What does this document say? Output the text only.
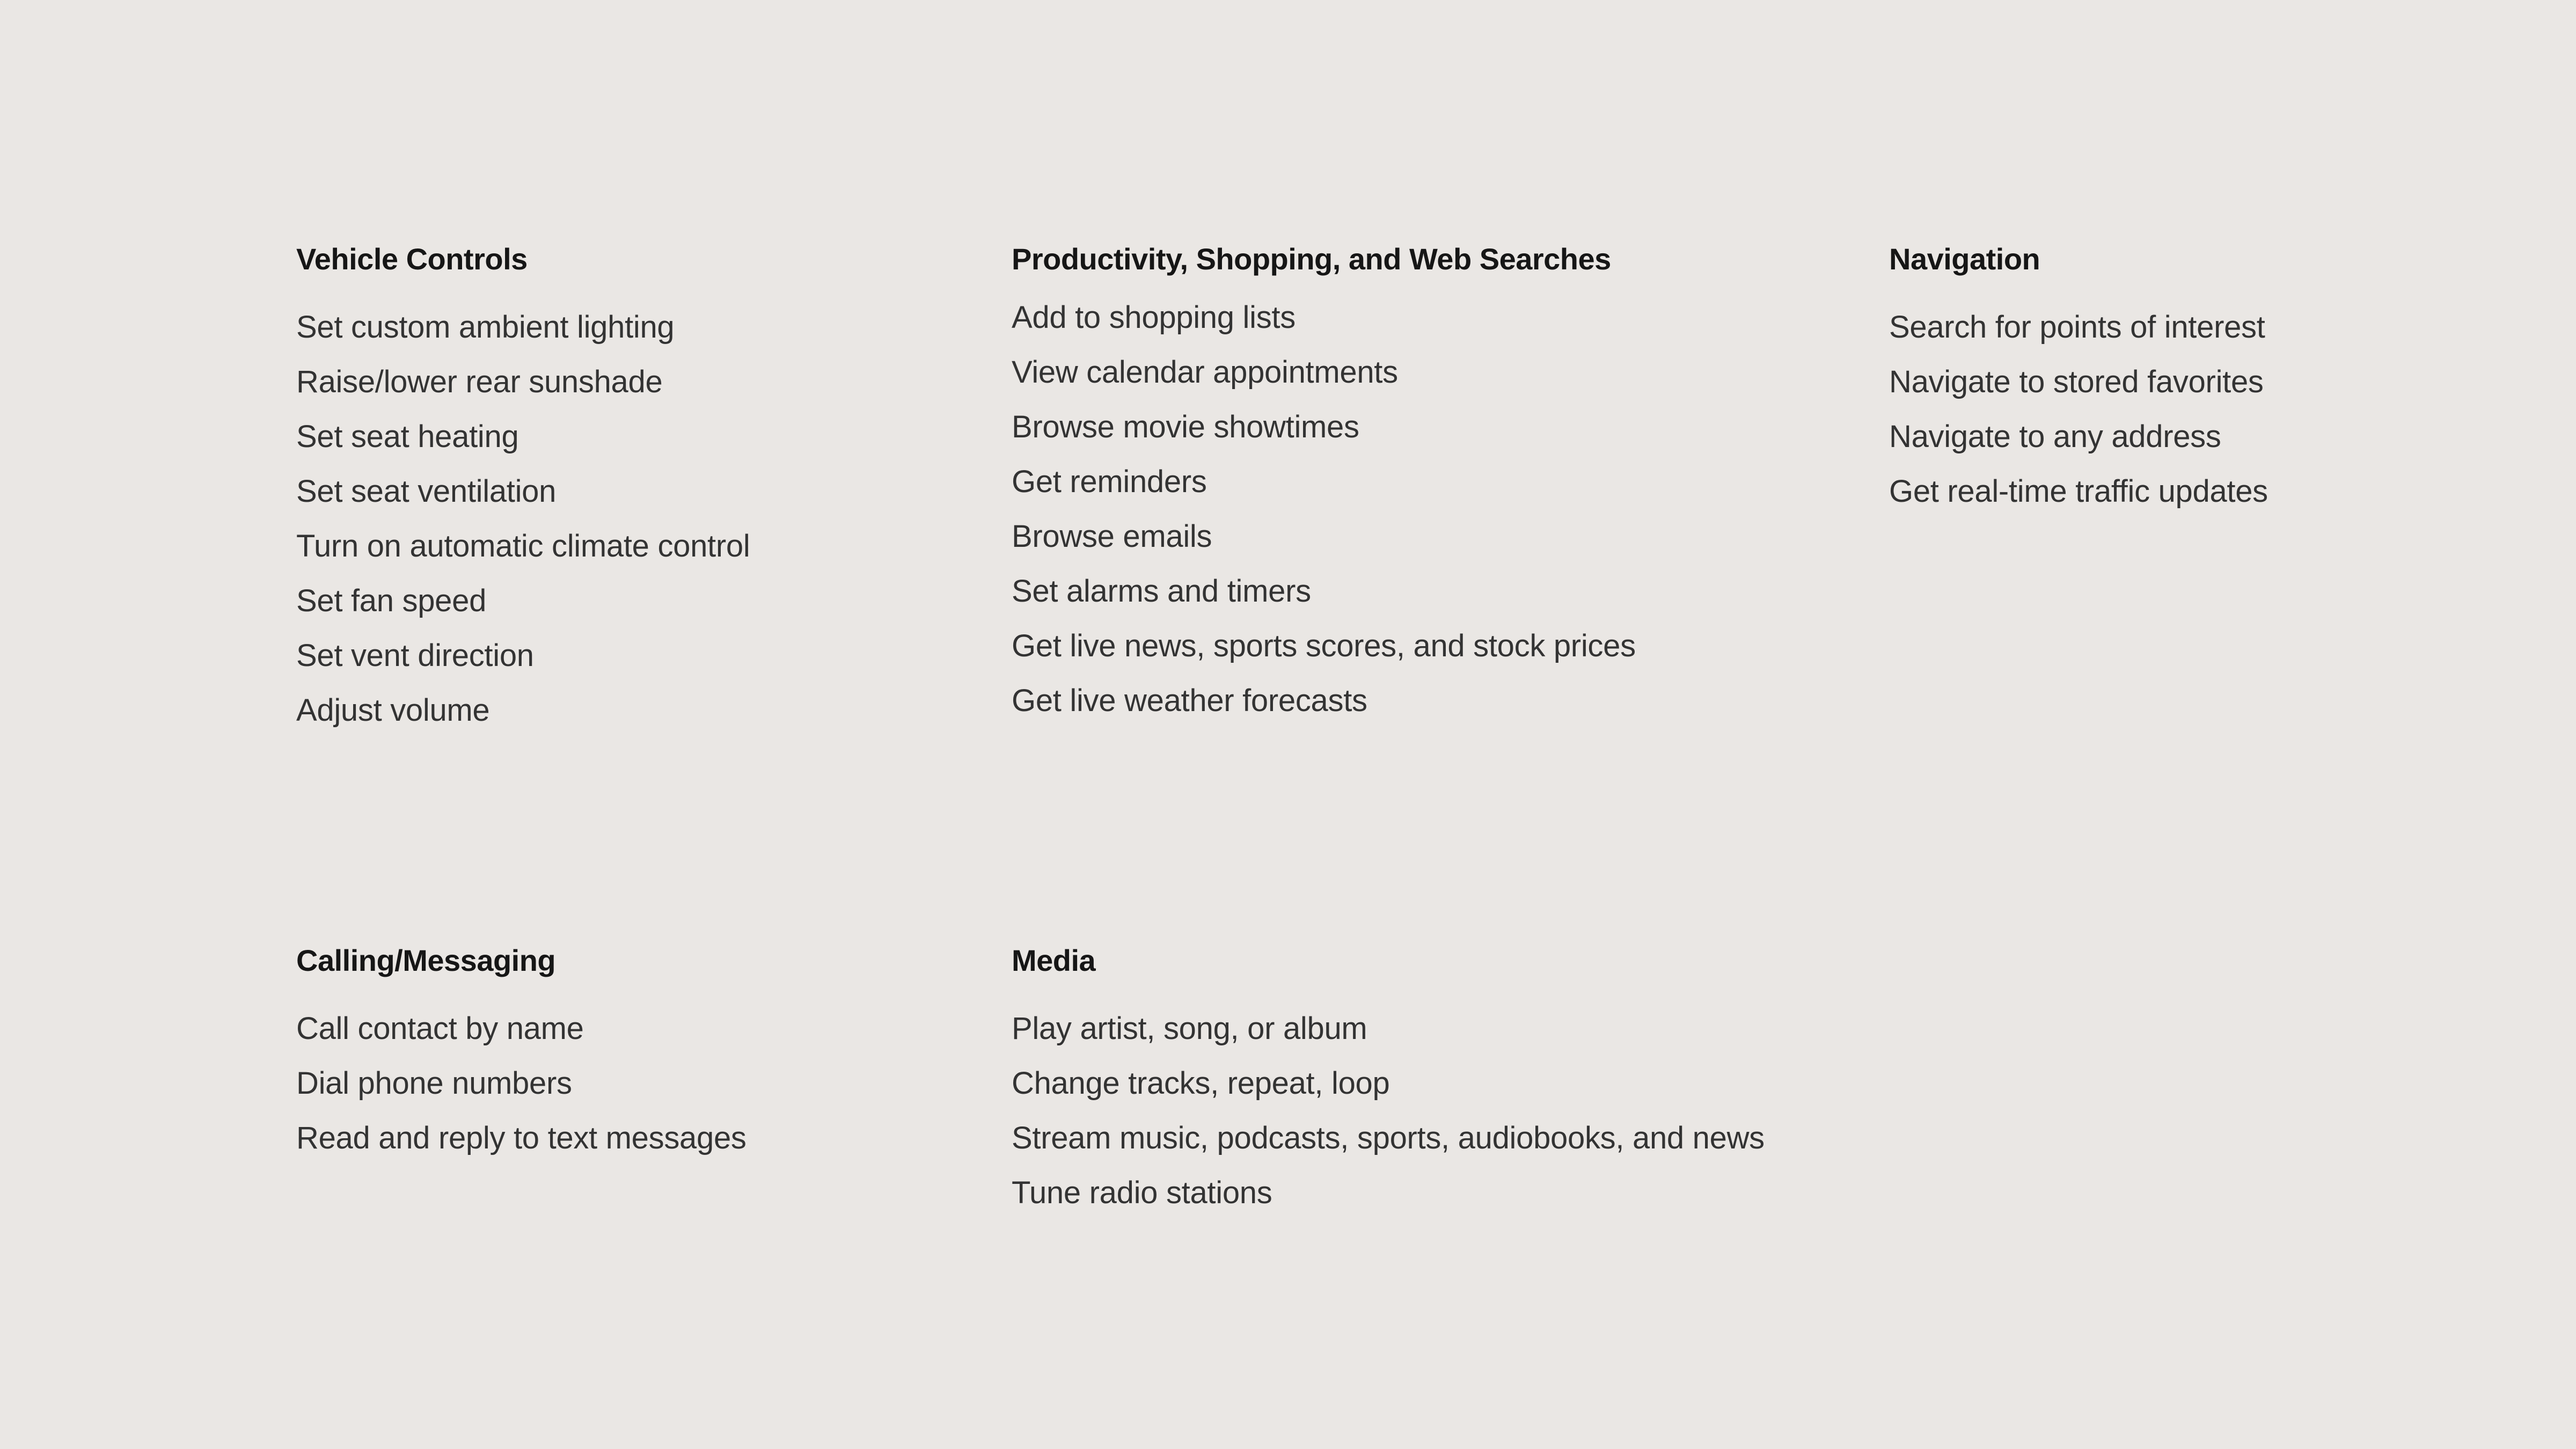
Vehicle Controls
Set custom ambient lighting
Raise/lower rear sunshade
Set seat heating
Set seat ventilation
Turn on automatic climate control
Set fan speed
Set vent direction
Adjust volume
Productivity, Shopping, and Web Searches
Add to shopping lists
View calendar appointments
Browse movie showtimes
Get reminders
Browse emails
Set alarms and timers
Get live news, sports scores, and stock prices
Get live weather forecasts
Navigation
Search for points of interest
Navigate to stored favorites
Navigate to any address
Get real-time traffic updates
Calling/Messaging
Call contact by name
Dial phone numbers
Read and reply to text messages
Media
Play artist, song, or album
Change tracks, repeat, loop
Stream music, podcasts, sports, audiobooks, and news
Tune radio stations
